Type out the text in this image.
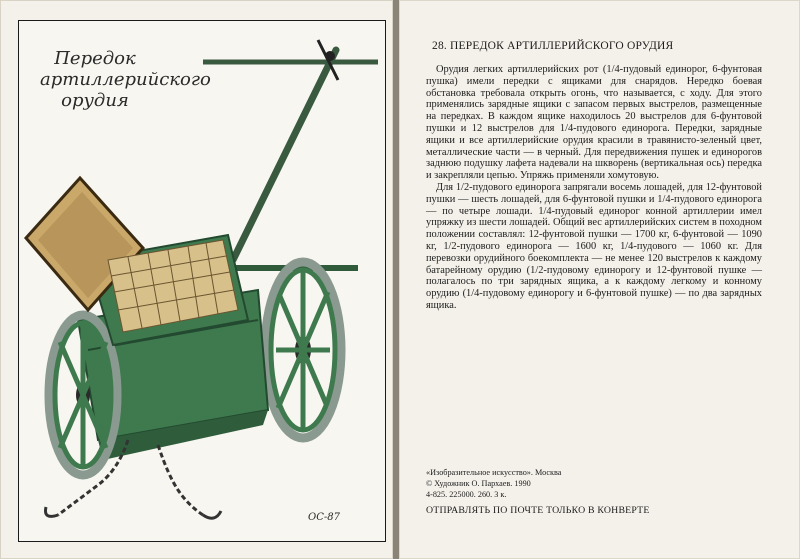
Передок
артиллерийского
орудия
ОС-87
28. ПЕРЕДОК АРТИЛЛЕРИЙСКОГО ОРУДИЯ

Орудия легких артиллерийских рот (1/4-пудовый единорог, 6-фунтовая пушка) имели передки с ящиками для снарядов. Нередко боевая обстановка требовала открыть огонь, что называется, с ходу. Для этого применялись зарядные ящики с запасом первых выстрелов, размещенные на передках. В каждом ящике находилось 20 выстрелов для 6-фунтовой пушки и 12 выстрелов для 1/4-пудового единорога. Передки, зарядные ящики и все артиллерийские орудия красили в травянисто-зеленый цвет, металлические части — в черный. Для передвижения пушек и единорогов заднюю подушку лафета надевали на шкворень (вертикальная ось) передка и закрепляли цепью. Упряжь применяли хомутовую.

Для 1/2-пудового единорога запрягали восемь лошадей, для 12-фунтовой пушки — шесть лошадей, для 6-фунтовой пушки и 1/4-пудового единорога — по четыре лошади. 1/4-пудовый единорог конной артиллерии имел упряжку из шести лошадей. Общий вес артиллерийских систем в походном положении составлял: 12-фунтовой пушки — 1700 кг, 6-фунтовой — 1090 кг, 1/2-пудового единорога — 1600 кг, 1/4-пудового — 1060 кг. Для перевозки орудийного боекомплекта — не менее 120 выстрелов к каждому батарейному орудию (1/2-пудовому единорогу и 12-фунтовой пушке — полагалось по три зарядных ящика, а к каждому легкому и конному орудию (1/4-пудовому единорогу и 6-фунтовой пушке) — по два зарядных ящика.

«Изобразительное искусство». Москва
© Художник О. Пархаев. 1990
4-825. 225000. 260. 3 к.
ОТПРАВЛЯТЬ ПО ПОЧТЕ ТОЛЬКО В КОНВЕРТЕ
